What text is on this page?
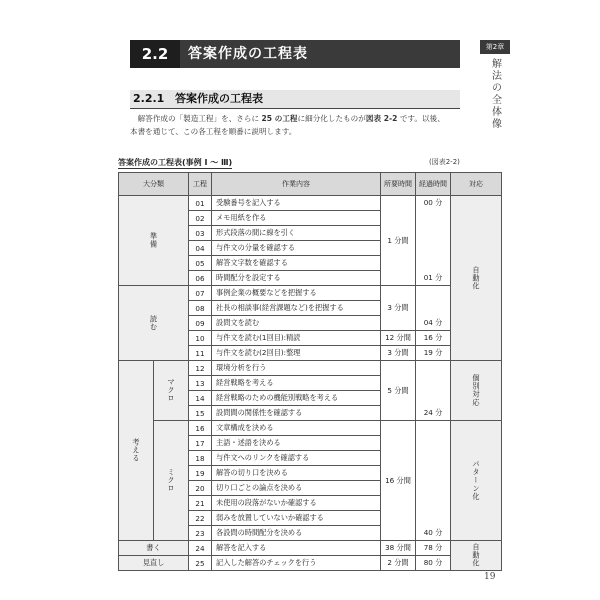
2.2	答案作成の工程表	第2章
解法の全体像
2.2.1 答案作成の工程表
　解答作成の「製造工程」を、さらに 25 の工程に細分化したものが図表 2-2 です。以後、
本書を通じて、この各工程を順番に説明します。
答案作成の工程表(事例 I ～ Ⅲ)	(図表2-2)
大分類		工程	作業内容	所要時間	経過時間	対応

準備		01	受験番号を記入する	1 分間	00 分	自動化

		02	メモ用紙を作る			
		03	形式段落の間に線を引く			
		04	与件文の分量を確認する			
		05	解答文字数を確認する			
		06	時間配分を設定する		01 分	

読む		07	事例企業の概要などを把握する	3 分間		
		08	社長の相談事(経営課題など)を把握する			
		09	設問文を読む		04 分	
		10	与件文を読む(1回目):精読	12 分間	16 分	
		11	与件文を読む(2回目):整理	3 分間	19 分	

考える	マクロ	12	環境分析を行う	5 分間		個別対応

		13	経営戦略を考える			
		14	経営戦略のための機能別戦略を考える			
		15	設問間の関係性を確認する		24 分	

	ミクロ	16	文章構成を決める	16 分間		パターン化

		17	主語・述語を決める			
		18	与件文へのリンクを確認する			
		19	解答の切り口を決める			
		20	切り口ごとの論点を決める			
		21	未使用の段落がないか確認する			
		22	弱みを放置していないか確認する			
		23	各設問の時間配分を決める		40 分	
書く		24	解答を記入する	38 分間	78 分	自動化

見直し		25	記入した解答のチェックを行う	2 分間	80 分	
19
